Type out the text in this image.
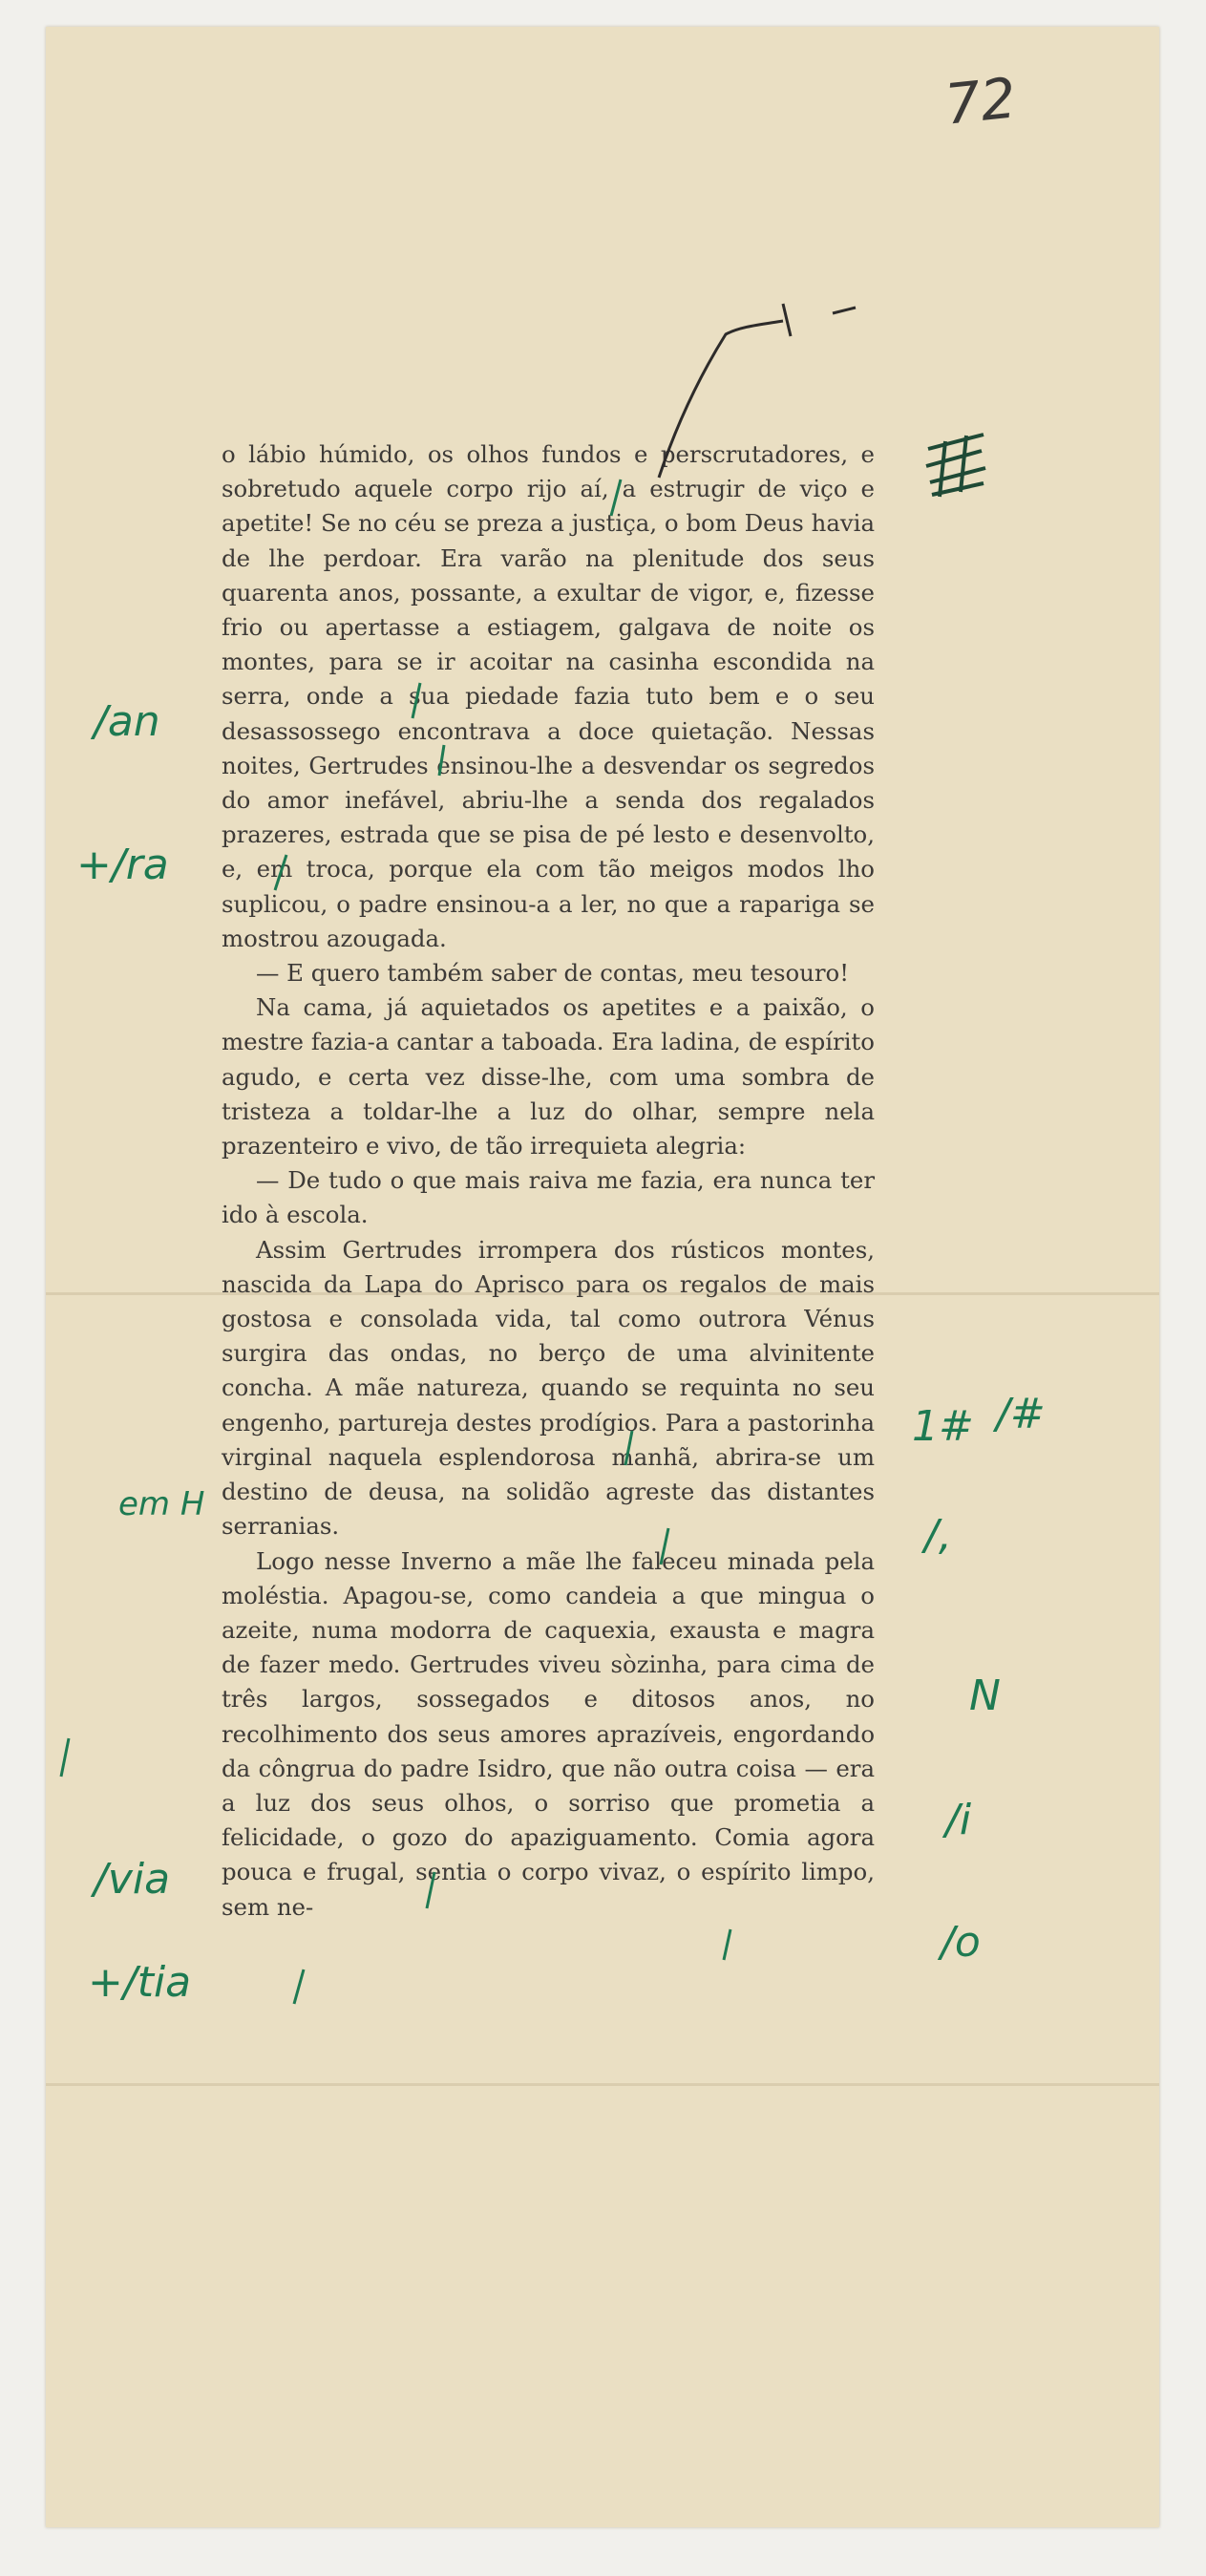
72

o lábio húmido, os olhos fundos e perscrutadores, e sobretudo aquele corpo rijo aí, a estrugir de viço e apetite! Se no céu se preza a justiça, o bom Deus havia de lhe perdoar. Era varão na plenitude dos seus quarenta anos, possante, a exultar de vigor, e, fizesse frio ou apertasse a estiagem, galgava de noite os montes, para se ir acoitar na casinha escondida na serra, onde a sua piedade fazia tuto bem e o seu desassossego encontrava a doce quietação. Nessas noites, Gertrudes ensinou-lhe a desvendar os segredos do amor inefável, abriu-lhe a senda dos regalados prazeres, estrada que se pisa de pé lesto e desenvolto, e, em troca, porque ela com tão meigos modos lho suplicou, o padre ensinou-a a ler, no que a rapariga se mostrou azougada.

— E quero também saber de contas, meu tesouro!

Na cama, já aquietados os apetites e a paixão, o mestre fazia-a cantar a taboada. Era ladina, de espírito agudo, e certa vez disse-lhe, com uma sombra de tristeza a toldar-lhe a luz do olhar, sempre nela prazenteiro e vivo, de tão irrequieta alegria:

— De tudo o que mais raiva me fazia, era nunca ter ido à escola.

Assim Gertrudes irrompera dos rústicos montes, nascida da Lapa do Aprisco para os regalos de mais gostosa e consolada vida, tal como outrora Vénus surgira das ondas, no berço de uma alvinitente concha. A mãe natureza, quando se requinta no seu engenho, partureja destes prodígios. Para a pastorinha virginal naquela esplendorosa manhã, abrira-se um destino de deusa, na solidão agreste das distantes serranias.

Logo nesse Inverno a mãe lhe faleceu minada pela moléstia. Apagou-se, como candeia a que mingua o azeite, numa modorra de caquexia, exausta e magra de fazer medo. Gertrudes viveu sòzinha, para cima de três largos, sossegados e ditosos anos, no recolhimento dos seus amores aprazíveis, engordando da côngrua do padre Isidro, que não outra coisa — era a luz dos seus olhos, o sorriso que prometia a felicidade, o gozo do apaziguamento. Comia agora pouca e frugal, sentia o corpo vivaz, o espírito limpo, sem ne-

/an
+/ra
em H
1# /#
/,
N
/i
/via
/o
+/tia
